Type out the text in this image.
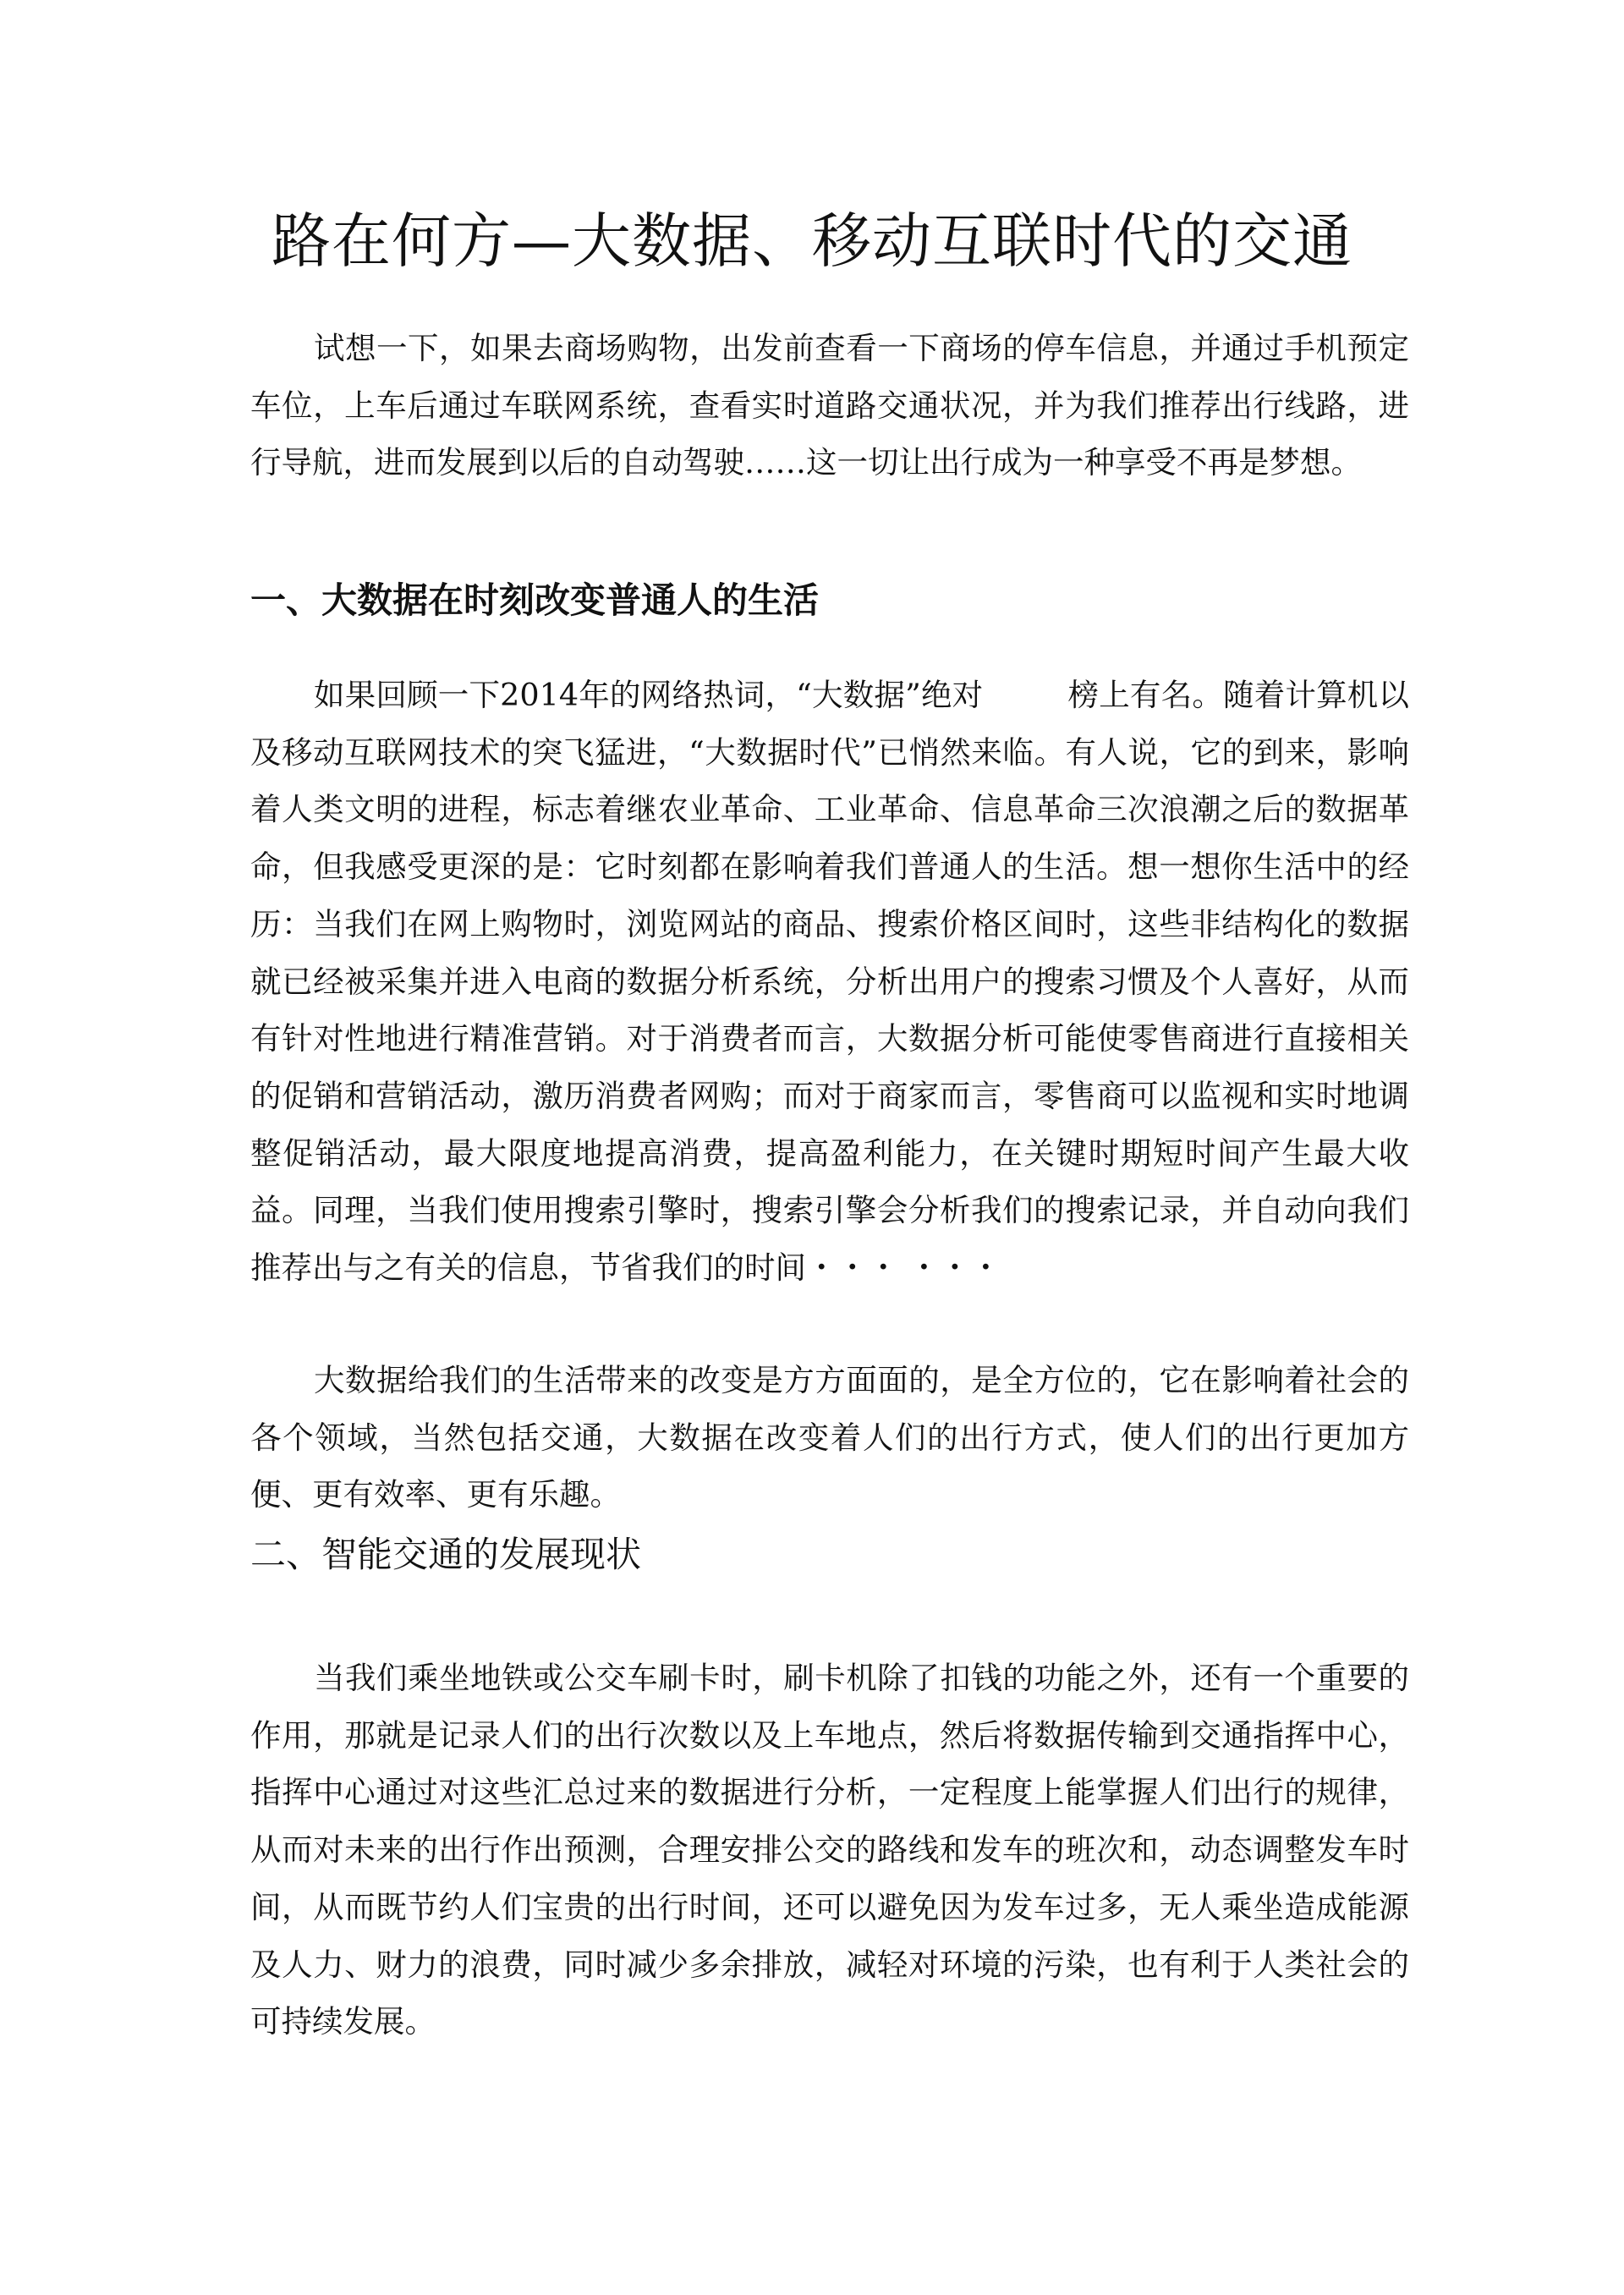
路在何方—大数据、移动互联时代的交通

试想一下，如果去商场购物，出发前查看一下商场的停车信息，并通过手机预定车位，上车后通过车联网系统，查看实时道路交通状况，并为我们推荐出行线路，进行导航，进而发展到以后的自动驾驶……这一切让出行成为一种享受不再是梦想。

一、大数据在时刻改变普通人的生活

如果回顾一下2014年的网络热词，“大数据”绝对	榜上有名。随着计算机以及移动互联网技术的突飞猛进，“大数据时代”已悄然来临。有人说，它的到来，影响着人类文明的进程，标志着继农业革命、工业革命、信息革命三次浪潮之后的数据革命，但我感受更深的是：它时刻都在影响着我们普通人的生活。想一想你生活中的经历：当我们在网上购物时，浏览网站的商品、搜索价格区间时，这些非结构化的数据就已经被采集并进入电商的数据分析系统，分析出用户的搜索习惯及个人喜好，从而有针对性地进行精准营销。对于消费者而言，大数据分析可能使零售商进行直接相关的促销和营销活动，激历消费者网购；而对于商家而言，零售商可以监视和实时地调整促销活动，最大限度地提高消费，提高盈利能力，在关键时期短时间产生最大收益。同理，当我们使用搜索引擎时，搜索引擎会分析我们的搜索记录，并自动向我们推荐出与之有关的信息，节省我们的时间・・・ ・・・

大数据给我们的生活带来的改变是方方面面的，是全方位的，它在影响着社会的各个领域，当然包括交通，大数据在改变着人们的出行方式，使人们的出行更加方便、更有效率、更有乐趣。

二、智能交通的发展现状

当我们乘坐地铁或公交车刷卡时，刷卡机除了扣钱的功能之外，还有一个重要的作用，那就是记录人们的出行次数以及上车地点，然后将数据传输到交通指挥中心，指挥中心通过对这些汇总过来的数据进行分析，一定程度上能掌握人们出行的规律，从而对未来的出行作出预测，合理安排公交的路线和发车的班次和，动态调整发车时间，从而既节约人们宝贵的出行时间，还可以避免因为发车过多，无人乘坐造成能源及人力、财力的浪费，同时减少多余排放，减轻对环境的污染，也有利于人类社会的可持续发展。
